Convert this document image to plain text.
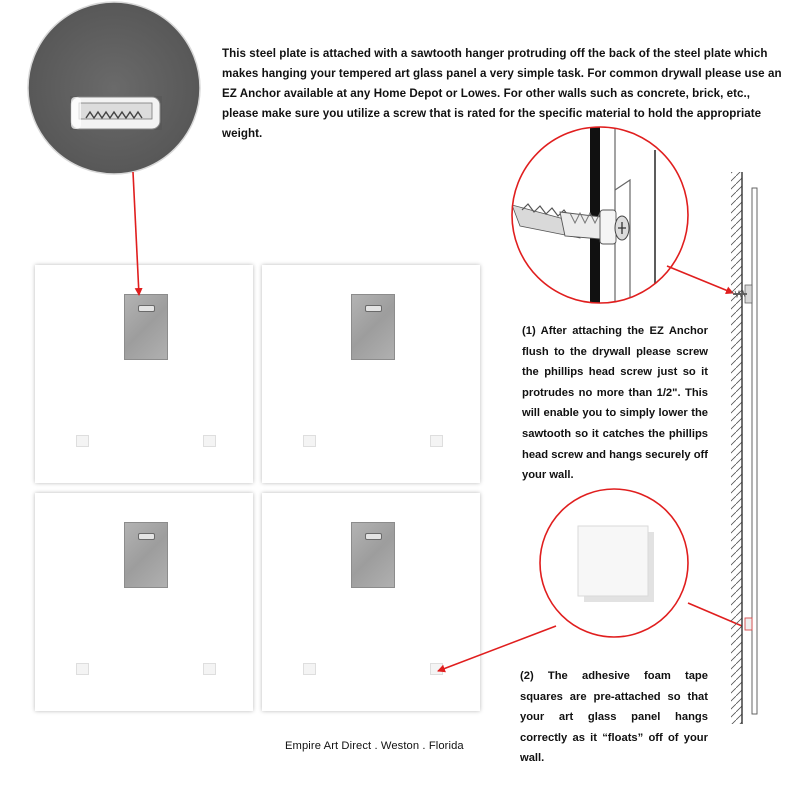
This steel plate is attached with a sawtooth hanger protruding off the back of the steel plate which makes hanging your tempered art glass panel a very simple task. For common drywall please use an EZ Anchor available at any Home Depot or Lowes. For other walls such as concrete, brick, etc., please make sure you utilize a screw that is rated for the specific material to hold the appropriate weight.
(1) After attaching the EZ Anchor flush to the drywall please screw the phillips head screw just so it protrudes no more than 1/2". This will enable you to simply lower the sawtooth so it catches the phillips head screw and hangs securely off your wall.
(2) The adhesive foam tape squares are pre-attached so that your art glass panel hangs correctly as it “floats” off of your wall.
Empire Art Direct . Weston . Florida
